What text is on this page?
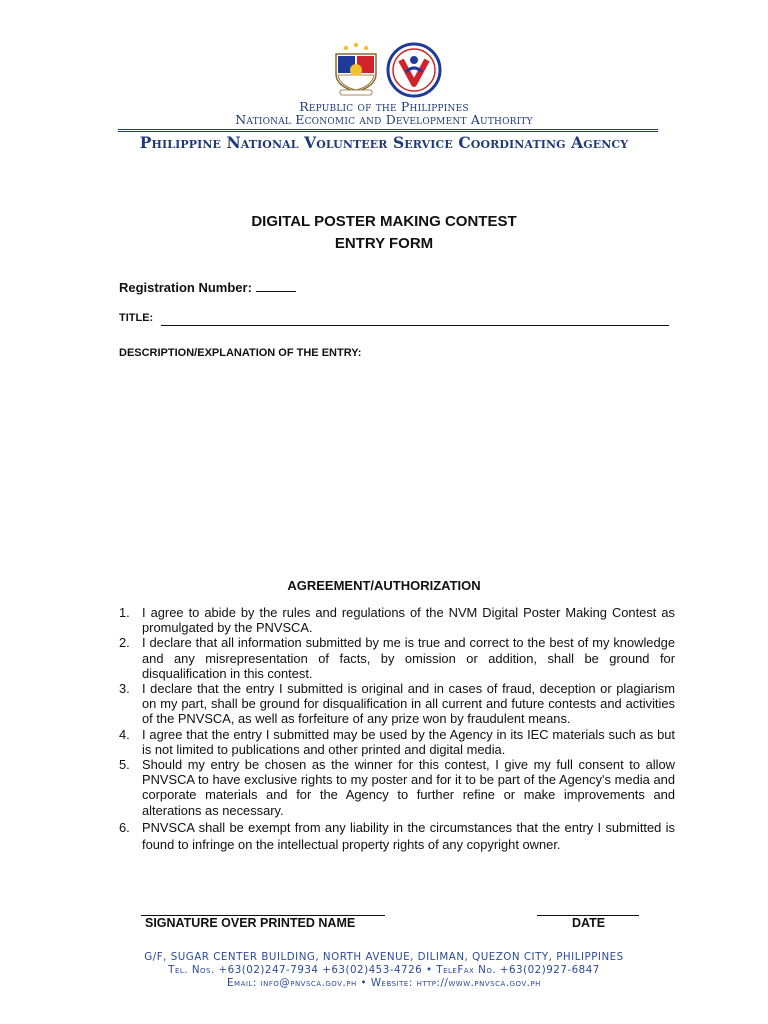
Republic of the Philippines
National Economic and Development Authority
Philippine National Volunteer Service Coordinating Agency
DIGITAL POSTER MAKING CONTEST
ENTRY FORM
Registration Number:
TITLE:
DESCRIPTION/EXPLANATION OF THE ENTRY:
AGREEMENT/AUTHORIZATION
1. I agree to abide by the rules and regulations of the NVM Digital Poster Making Contest as promulgated by the PNVSCA.
2. I declare that all information submitted by me is true and correct to the best of my knowledge and any misrepresentation of facts, by omission or addition, shall be ground for disqualification in this contest.
3. I declare that the entry I submitted is original and in cases of fraud, deception or plagiarism on my part, shall be ground for disqualification in all current and future contests and activities of the PNVSCA, as well as forfeiture of any prize won by fraudulent means.
4. I agree that the entry I submitted may be used by the Agency in its IEC materials such as but is not limited to publications and other printed and digital media.
5. Should my entry be chosen as the winner for this contest, I give my full consent to allow PNVSCA to have exclusive rights to my poster and for it to be part of the Agency's media and corporate materials and for the Agency to further refine or make improvements and alterations as necessary.
6. PNVSCA shall be exempt from any liability in the circumstances that the entry I submitted is found to infringe on the intellectual property rights of any copyright owner.
SIGNATURE OVER PRINTED NAME	DATE
G/F, SUGAR CENTER BUILDING, NORTH AVENUE, DILIMAN, QUEZON CITY, PHILIPPINES
Tel. Nos. +63(02)247-7934 +63(02)453-4726 • TeleFax No. +63(02)927-6847
Email: info@pnvsca.gov.ph • Website: http://www.pnvsca.gov.ph
